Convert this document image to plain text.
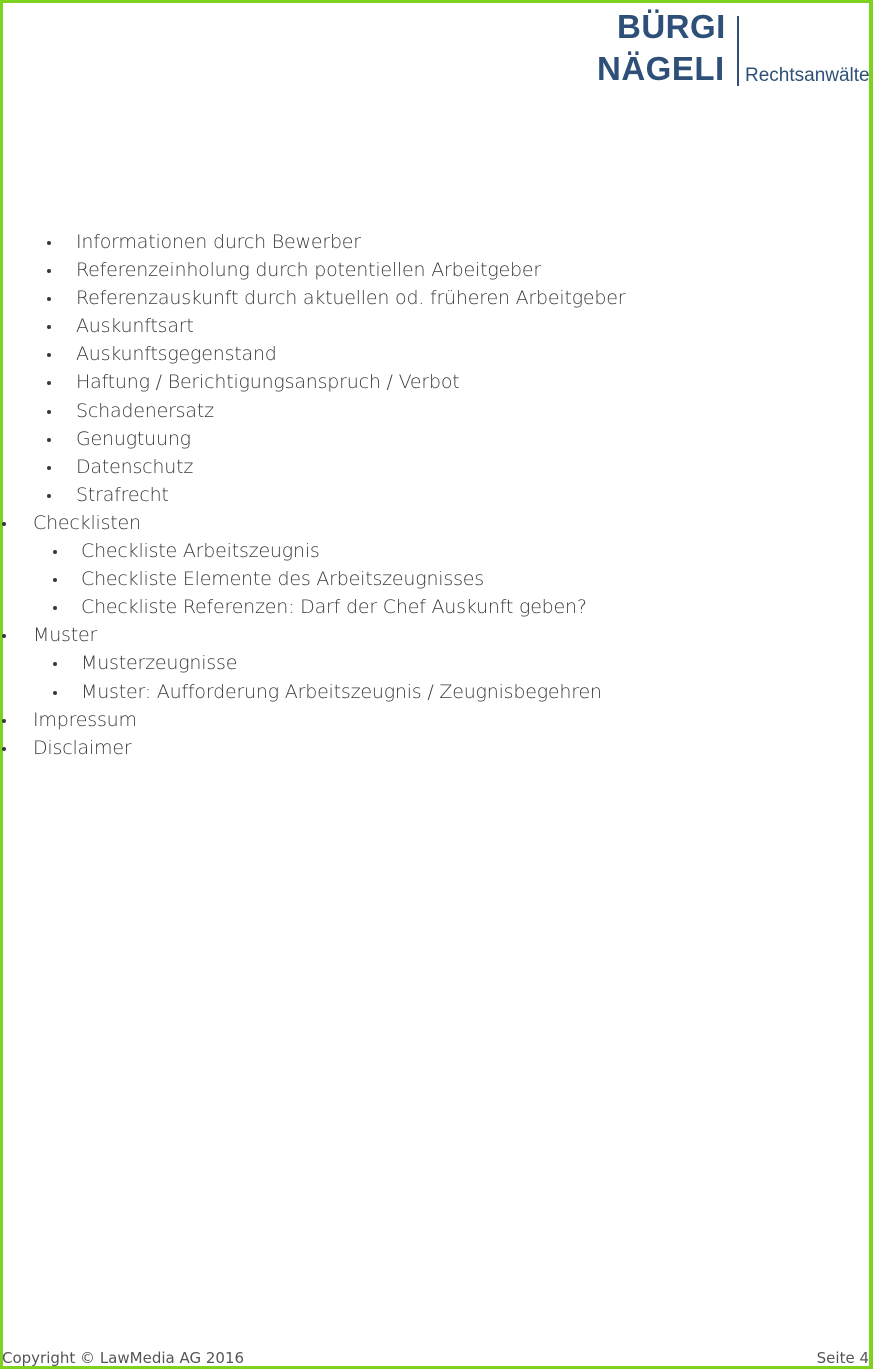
BÜRGI
NÄGELI Rechtsanwälte
Informationen durch Bewerber
Referenzeinholung durch potentiellen Arbeitgeber
Referenzauskunft durch aktuellen od. früheren Arbeitgeber
Auskunftsart
Auskunftsgegenstand
Haftung / Berichtigungsanspruch / Verbot
Schadenersatz
Genugtuung
Datenschutz
Strafrecht
Checklisten
Checkliste Arbeitszeugnis
Checkliste Elemente des Arbeitszeugnisses
Checkliste Referenzen: Darf der Chef Auskunft geben?
Muster
Musterzeugnisse
Muster: Aufforderung Arbeitszeugnis / Zeugnisbegehren
Impressum
Disclaimer
Copyright © LawMedia AG 2016	Seite 4
